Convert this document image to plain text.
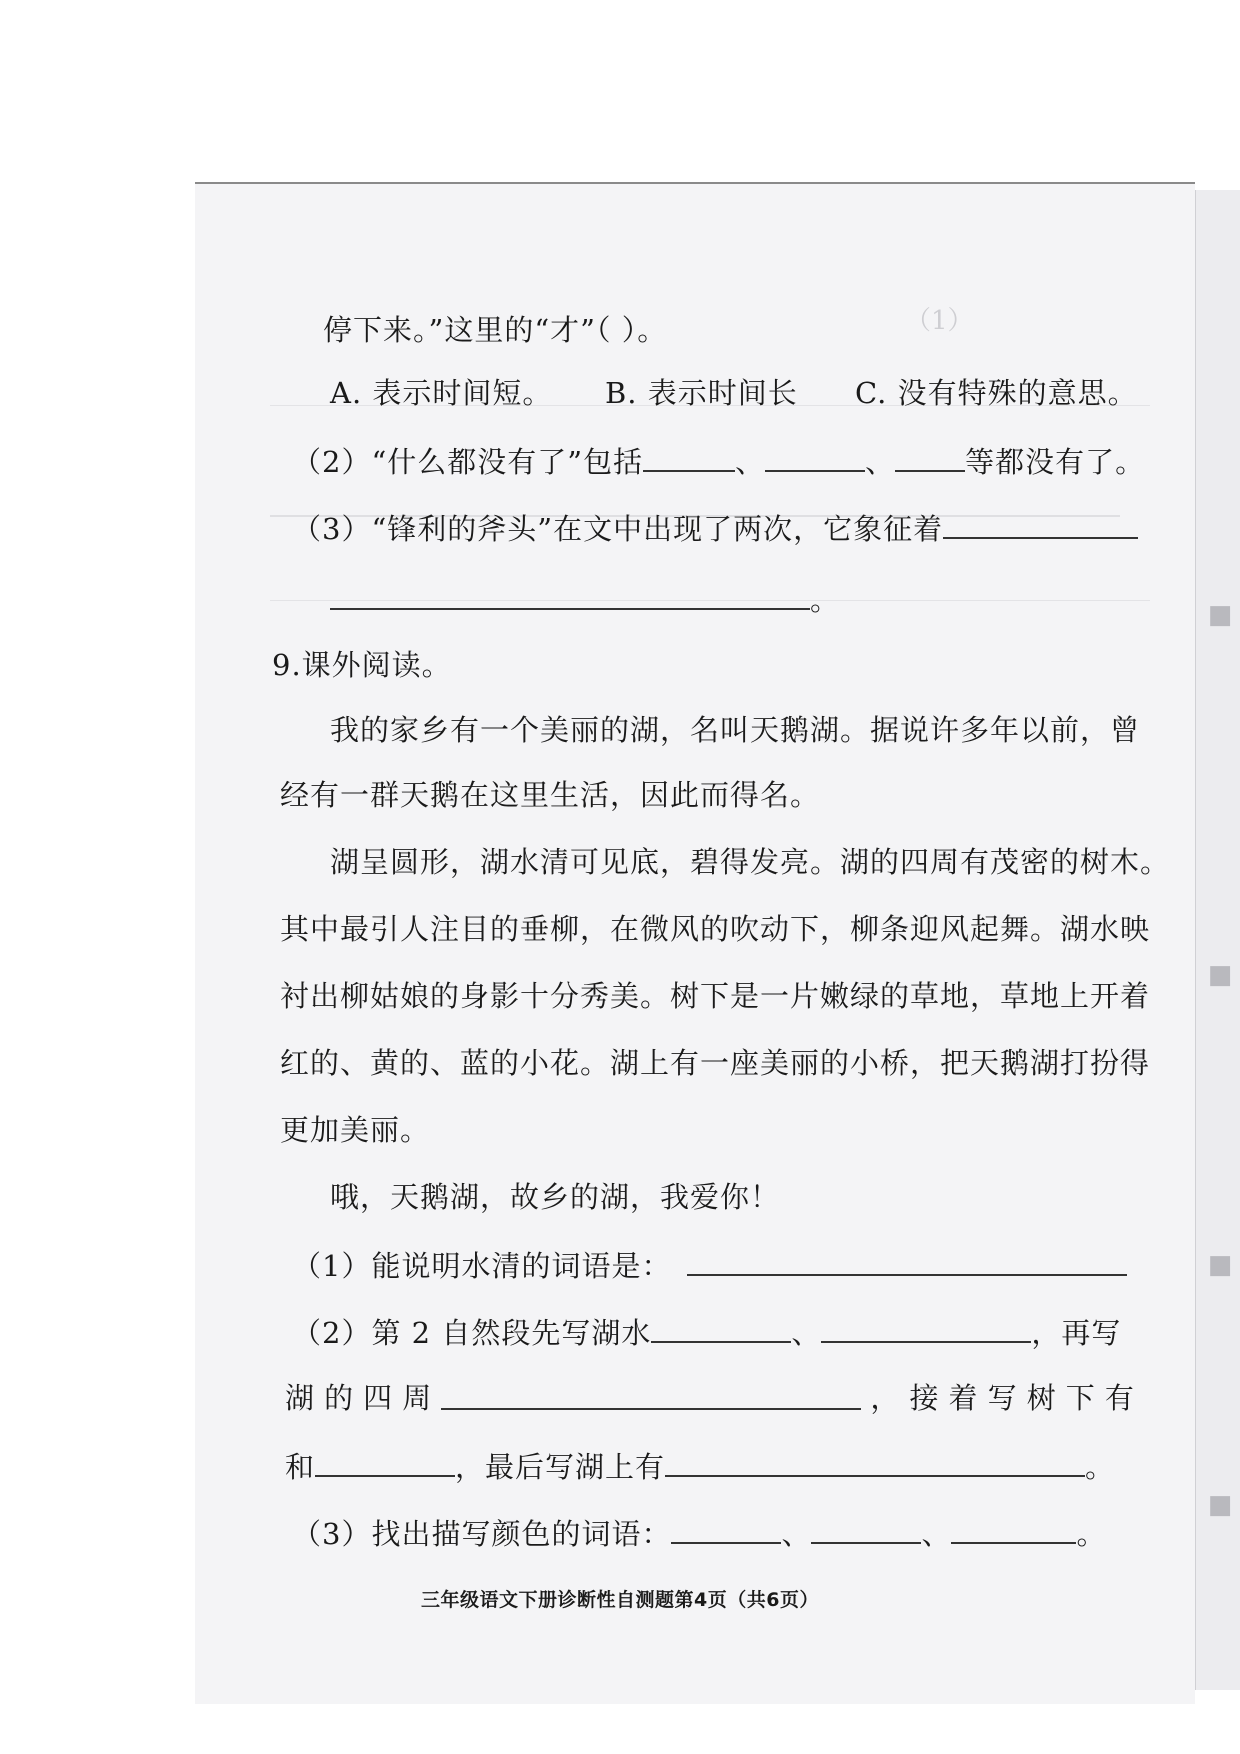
（1）
■
■
■
■
停下来。”这里的“才”（ ）。
A. 表示时间短。 B. 表示时间长 C. 没有特殊的意思。
（2）“什么都没有了”包括	、	、 等都没有了。
（3）“锋利的斧头”在文中出现了两次，它象征着
。
9.课外阅读。
我的家乡有一个美丽的湖，名叫天鹅湖。据说许多年以前，曾
经有一群天鹅在这里生活，因此而得名。
湖呈圆形，湖水清可见底，碧得发亮。湖的四周有茂密的树木。
其中最引人注目的垂柳，在微风的吹动下，柳条迎风起舞。湖水映
衬出柳姑娘的身影十分秀美。树下是一片嫩绿的草地，草地上开着
红的、黄的、蓝的小花。湖上有一座美丽的小桥，把天鹅湖打扮得
更加美丽。
哦，天鹅湖，故乡的湖，我爱你！
（1）能说明水清的词语是：
（2）第 2 自然段先写湖水	、	，再写
湖 的 四 周	， 接 着 写 树 下 有
和	，最后写湖上有	。
（3）找出描写颜色的词语：	、	、	。
三年级语文下册诊断性自测题第4页（共6页）
